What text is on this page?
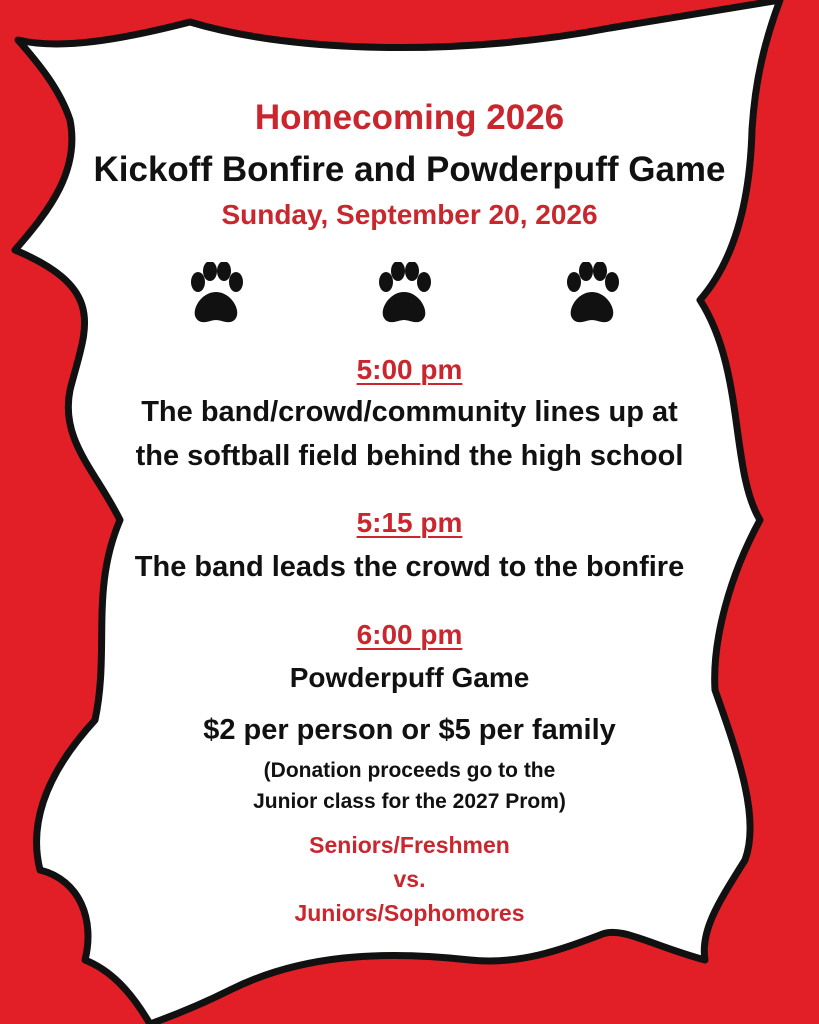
Homecoming 2026
Kickoff Bonfire and Powderpuff Game
Sunday, September 20, 2026
5:00 pm
The band/crowd/community lines up at
the softball field behind the high school
5:15 pm
The band leads the crowd to the bonfire
6:00 pm
Powderpuff Game
$2 per person or $5 per family
(Donation proceeds go to the
Junior class for the 2027 Prom)
Seniors/Freshmen
vs.
Juniors/Sophomores
